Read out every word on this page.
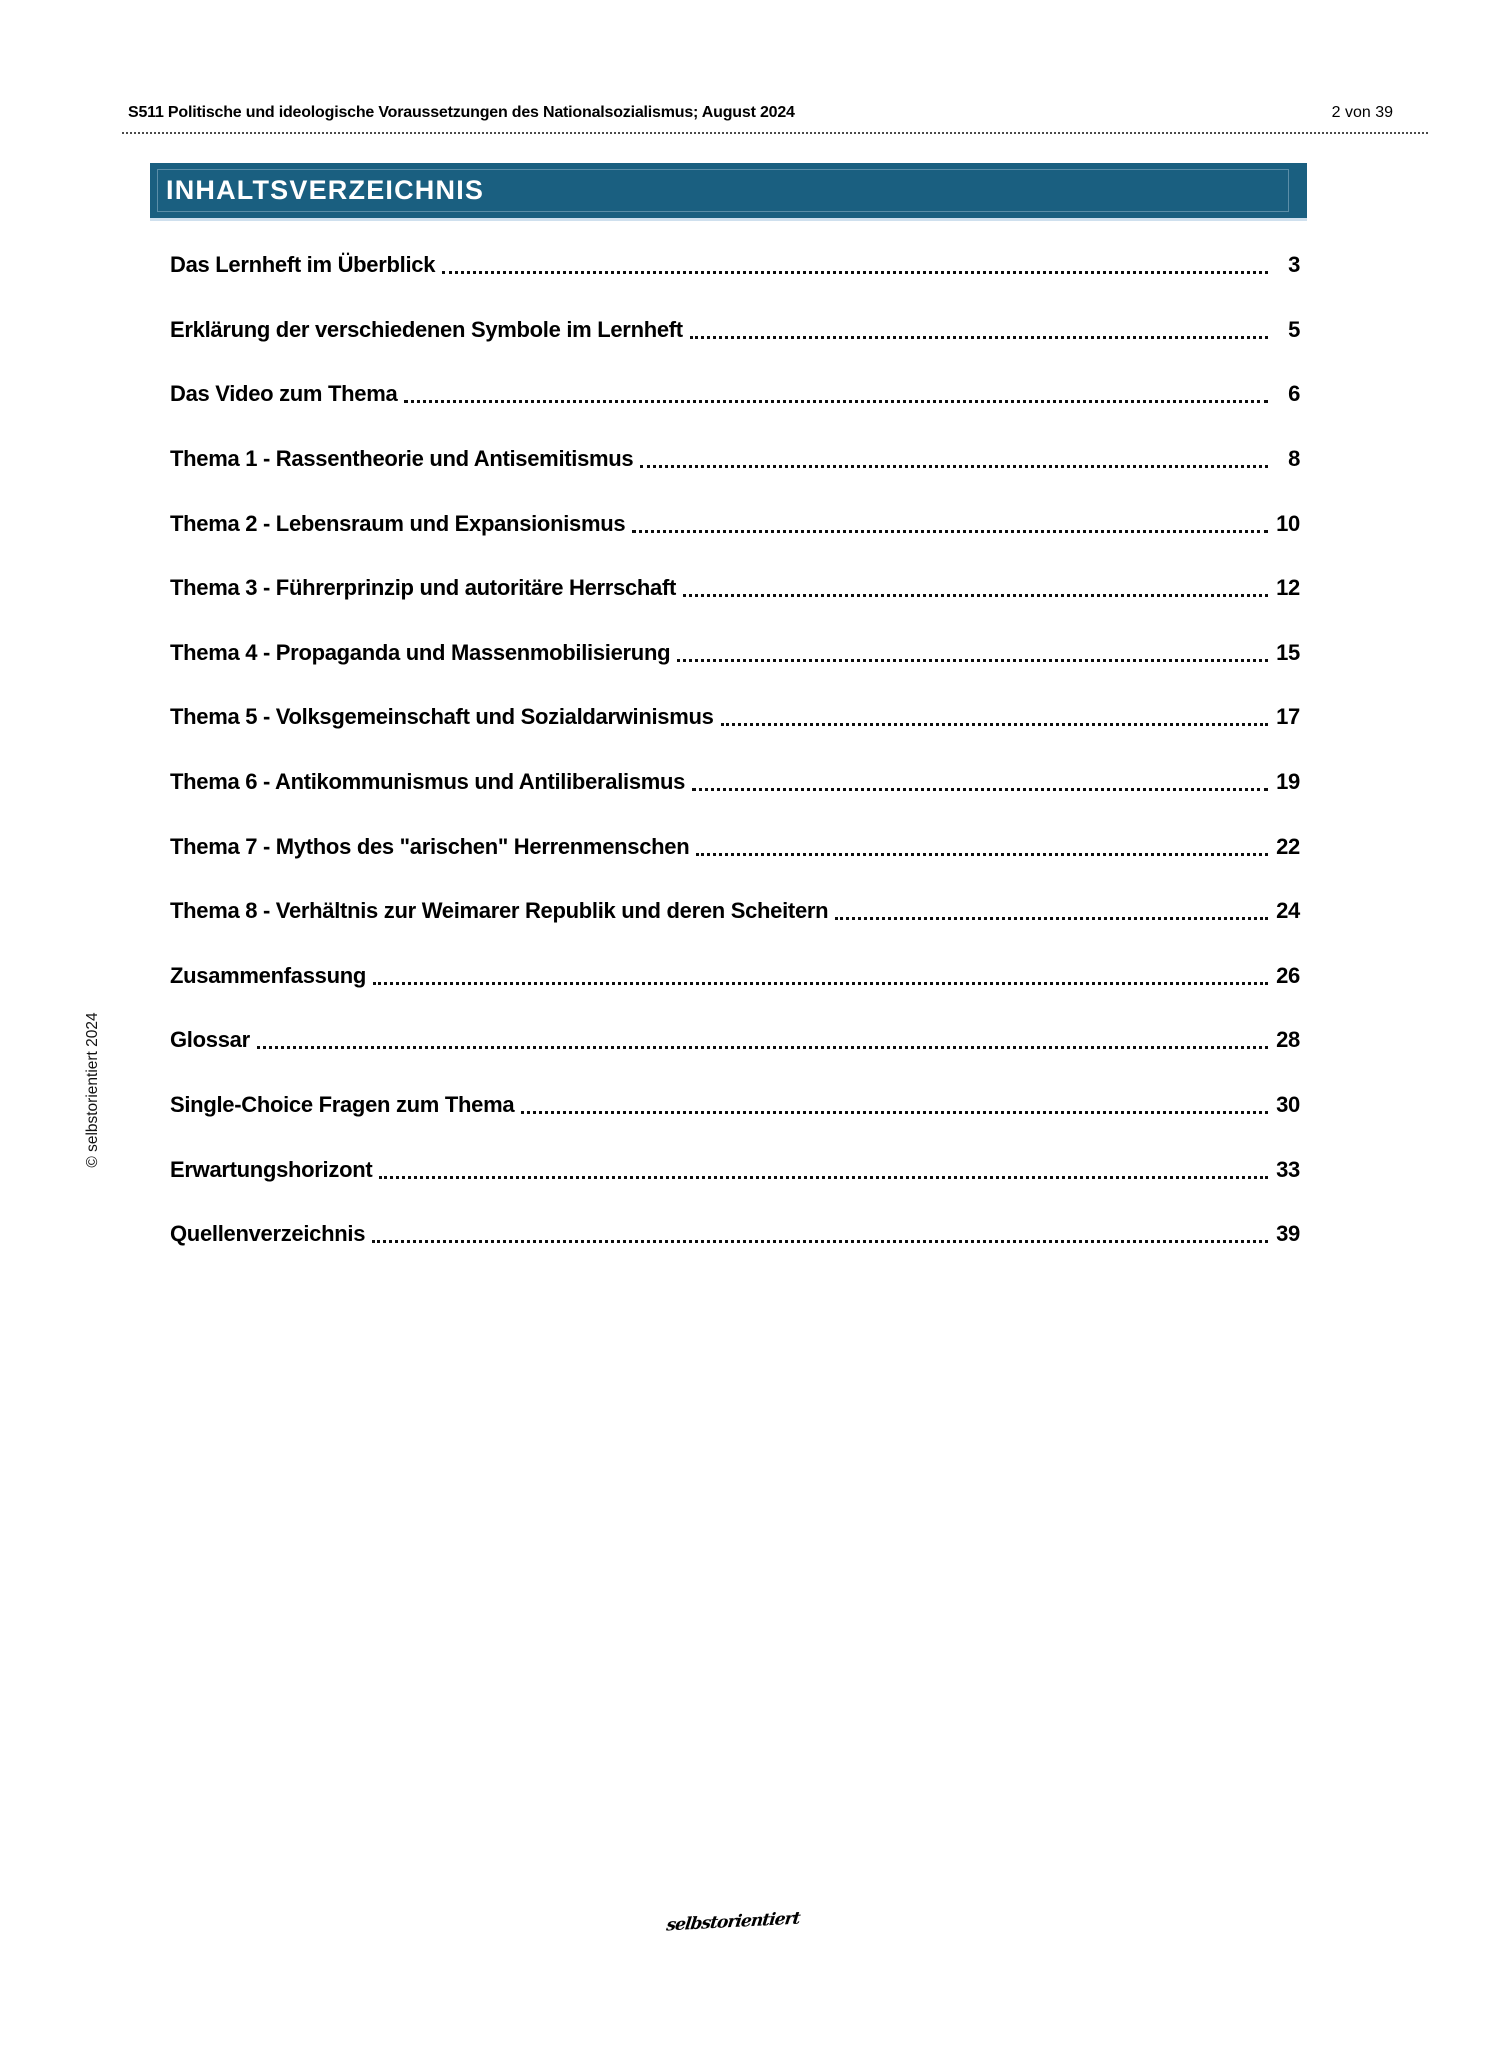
S511 Politische und ideologische Voraussetzungen des Nationalsozialismus; August 2024	2 von 39
INHALTSVERZEICHNIS
Das Lernheft im Überblick	3
Erklärung der verschiedenen Symbole im Lernheft	5
Das Video zum Thema	6
Thema 1 - Rassentheorie und Antisemitismus	8
Thema 2 - Lebensraum und Expansionismus	10
Thema 3 - Führerprinzip und autoritäre Herrschaft	12
Thema 4 - Propaganda und Massenmobilisierung	15
Thema 5 - Volksgemeinschaft und Sozialdarwinismus	17
Thema 6 - Antikommunismus und Antiliberalismus	19
Thema 7 - Mythos des "arischen" Herrenmenschen	22
Thema 8 - Verhältnis zur Weimarer Republik und deren Scheitern	24
Zusammenfassung	26
Glossar	28
Single-Choice Fragen zum Thema	30
Erwartungshorizont	33
Quellenverzeichnis	39
© selbstorientiert 2024
selbstorientiert
